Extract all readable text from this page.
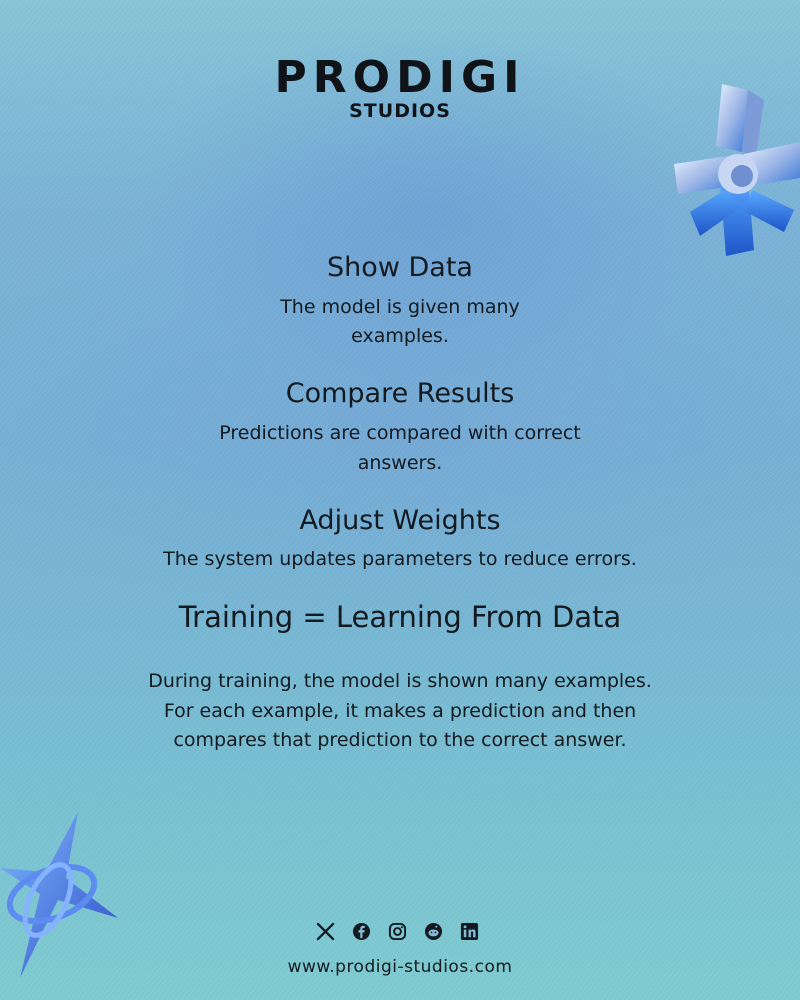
PRODIGI
STUDIOS
Show Data
The model is given many
examples.
Compare Results
Predictions are compared with correct
answers.
Adjust Weights
The system updates parameters to reduce errors.
Training = Learning From Data
During training, the model is shown many examples.
For each example, it makes a prediction and then
compares that prediction to the correct answer.
www.prodigi-studios.com
